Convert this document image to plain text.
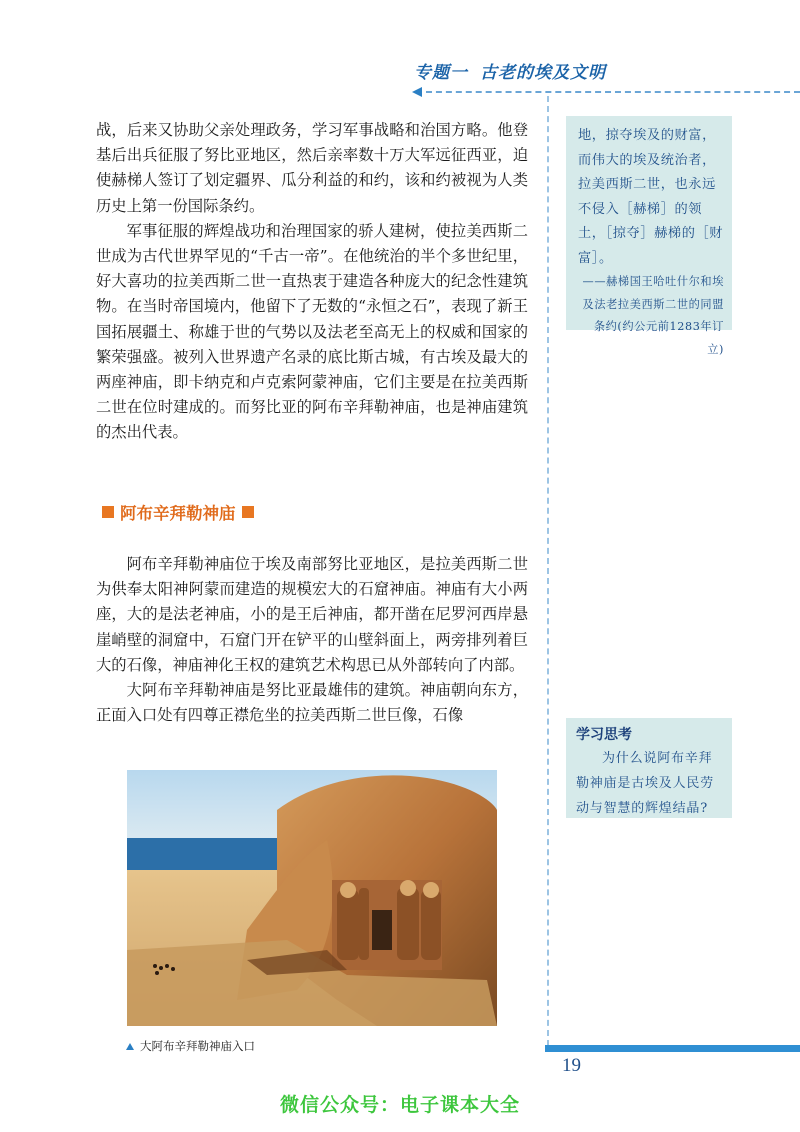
专题一 古老的埃及文明

战，后来又协助父亲处理政务，学习军事战略和治国方略。他登基后出兵征服了努比亚地区，然后亲率数十万大军远征西亚，迫使赫梯人签订了划定疆界、瓜分利益的和约，该和约被视为人类历史上第一份国际条约。

军事征服的辉煌战功和治理国家的骄人建树，使拉美西斯二世成为古代世界罕见的“千古一帝”。在他统治的半个多世纪里，好大喜功的拉美西斯二世一直热衷于建造各种庞大的纪念性建筑物。在当时帝国境内，他留下了无数的“永恒之石”，表现了新王国拓展疆土、称雄于世的气势以及法老至高无上的权威和国家的繁荣强盛。被列入世界遗产名录的底比斯古城，有古埃及最大的两座神庙，即卡纳克和卢克索阿蒙神庙，它们主要是在拉美西斯二世在位时建成的。而努比亚的阿布辛拜勒神庙，也是神庙建筑的杰出代表。

阿布辛拜勒神庙

阿布辛拜勒神庙位于埃及南部努比亚地区，是拉美西斯二世为供奉太阳神阿蒙而建造的规模宏大的石窟神庙。神庙有大小两座，大的是法老神庙，小的是王后神庙，都开凿在尼罗河西岸悬崖峭壁的洞窟中，石窟门开在铲平的山壁斜面上，两旁排列着巨大的石像，神庙神化王权的建筑艺术构思已从外部转向了内部。

大阿布辛拜勒神庙是努比亚最雄伟的建筑。神庙朝向东方，正面入口处有四尊正襟危坐的拉美西斯二世巨像，石像

地，掠夺埃及的财富，而伟大的埃及统治者，拉美西斯二世，也永远不侵入［赫梯］的领土，［掠夺］赫梯的［财富］。

——赫梯国王哈吐什尔和埃及法老拉美西斯二世的同盟条约(约公元前1283年订立)

学习思考
为什么说阿布辛拜勒神庙是古埃及人民劳动与智慧的辉煌结晶?
大阿布辛拜勒神庙入口
19
微信公众号：电子课本大全
